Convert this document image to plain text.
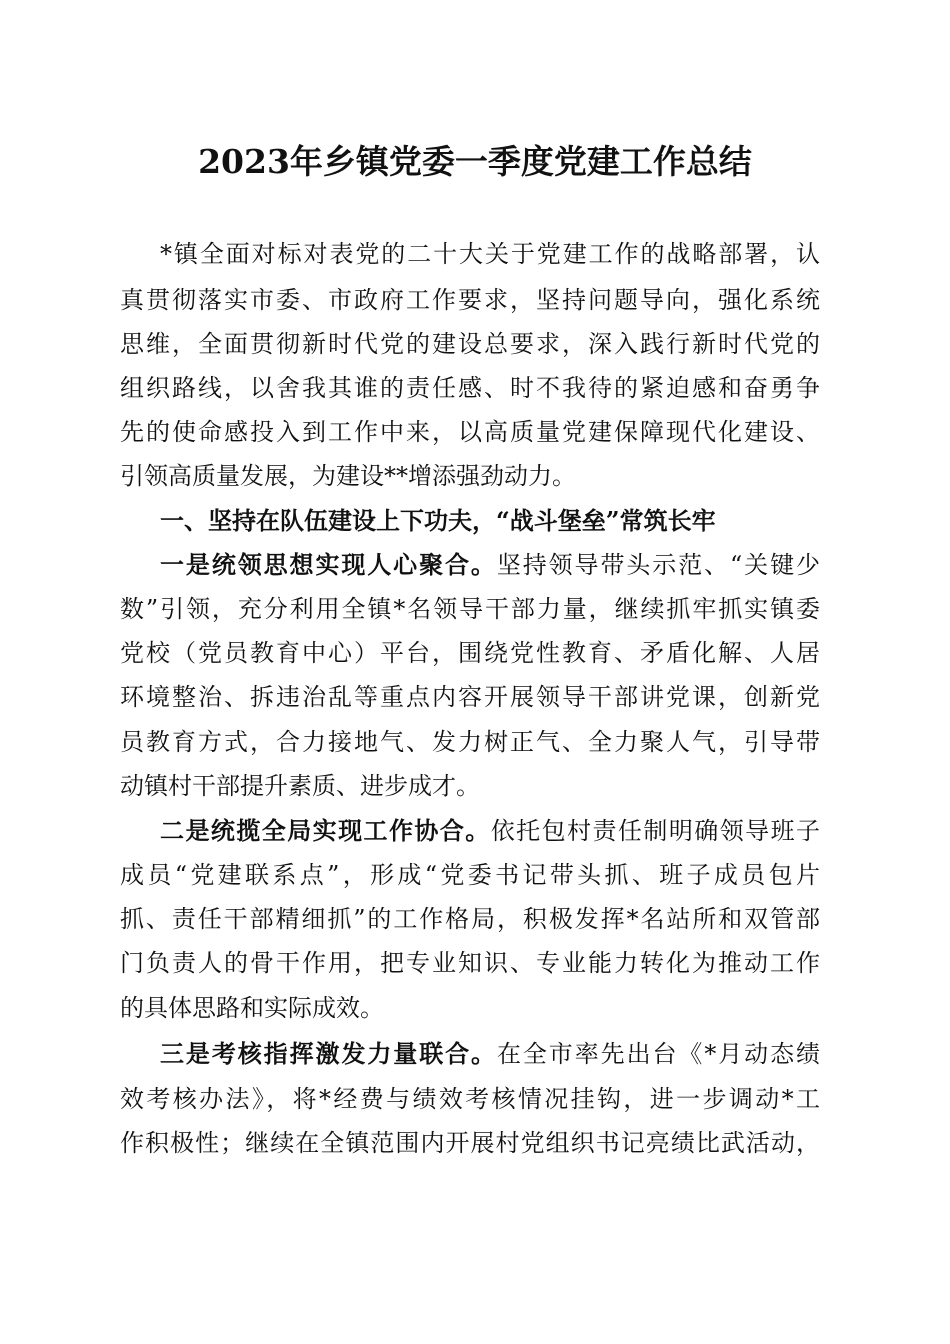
2023年乡镇党委一季度党建工作总结

*镇全面对标对表党的二十大关于党建工作的战略部署，认

真贯彻落实市委、市政府工作要求，坚持问题导向，强化系统

思维，全面贯彻新时代党的建设总要求，深入践行新时代党的

组织路线，以舍我其谁的责任感、时不我待的紧迫感和奋勇争

先的使命感投入到工作中来，以高质量党建保障现代化建设、

引领高质量发展，为建设**增添强劲动力。

一、坚持在队伍建设上下功夫，“战斗堡垒”常筑长牢

一是统领思想实现人心聚合。坚持领导带头示范、“关键少

数”引领，充分利用全镇*名领导干部力量，继续抓牢抓实镇委

党校（党员教育中心）平台，围绕党性教育、矛盾化解、人居

环境整治、拆违治乱等重点内容开展领导干部讲党课，创新党

员教育方式，合力接地气、发力树正气、全力聚人气，引导带

动镇村干部提升素质、进步成才。

二是统揽全局实现工作协合。依托包村责任制明确领导班子

成员“党建联系点”，形成“党委书记带头抓、班子成员包片

抓、责任干部精细抓”的工作格局，积极发挥*名站所和双管部

门负责人的骨干作用，把专业知识、专业能力转化为推动工作

的具体思路和实际成效。

三是考核指挥激发力量联合。在全市率先出台《*月动态绩

效考核办法》，将*经费与绩效考核情况挂钩，进一步调动*工

作积极性；继续在全镇范围内开展村党组织书记亮绩比武活动，
